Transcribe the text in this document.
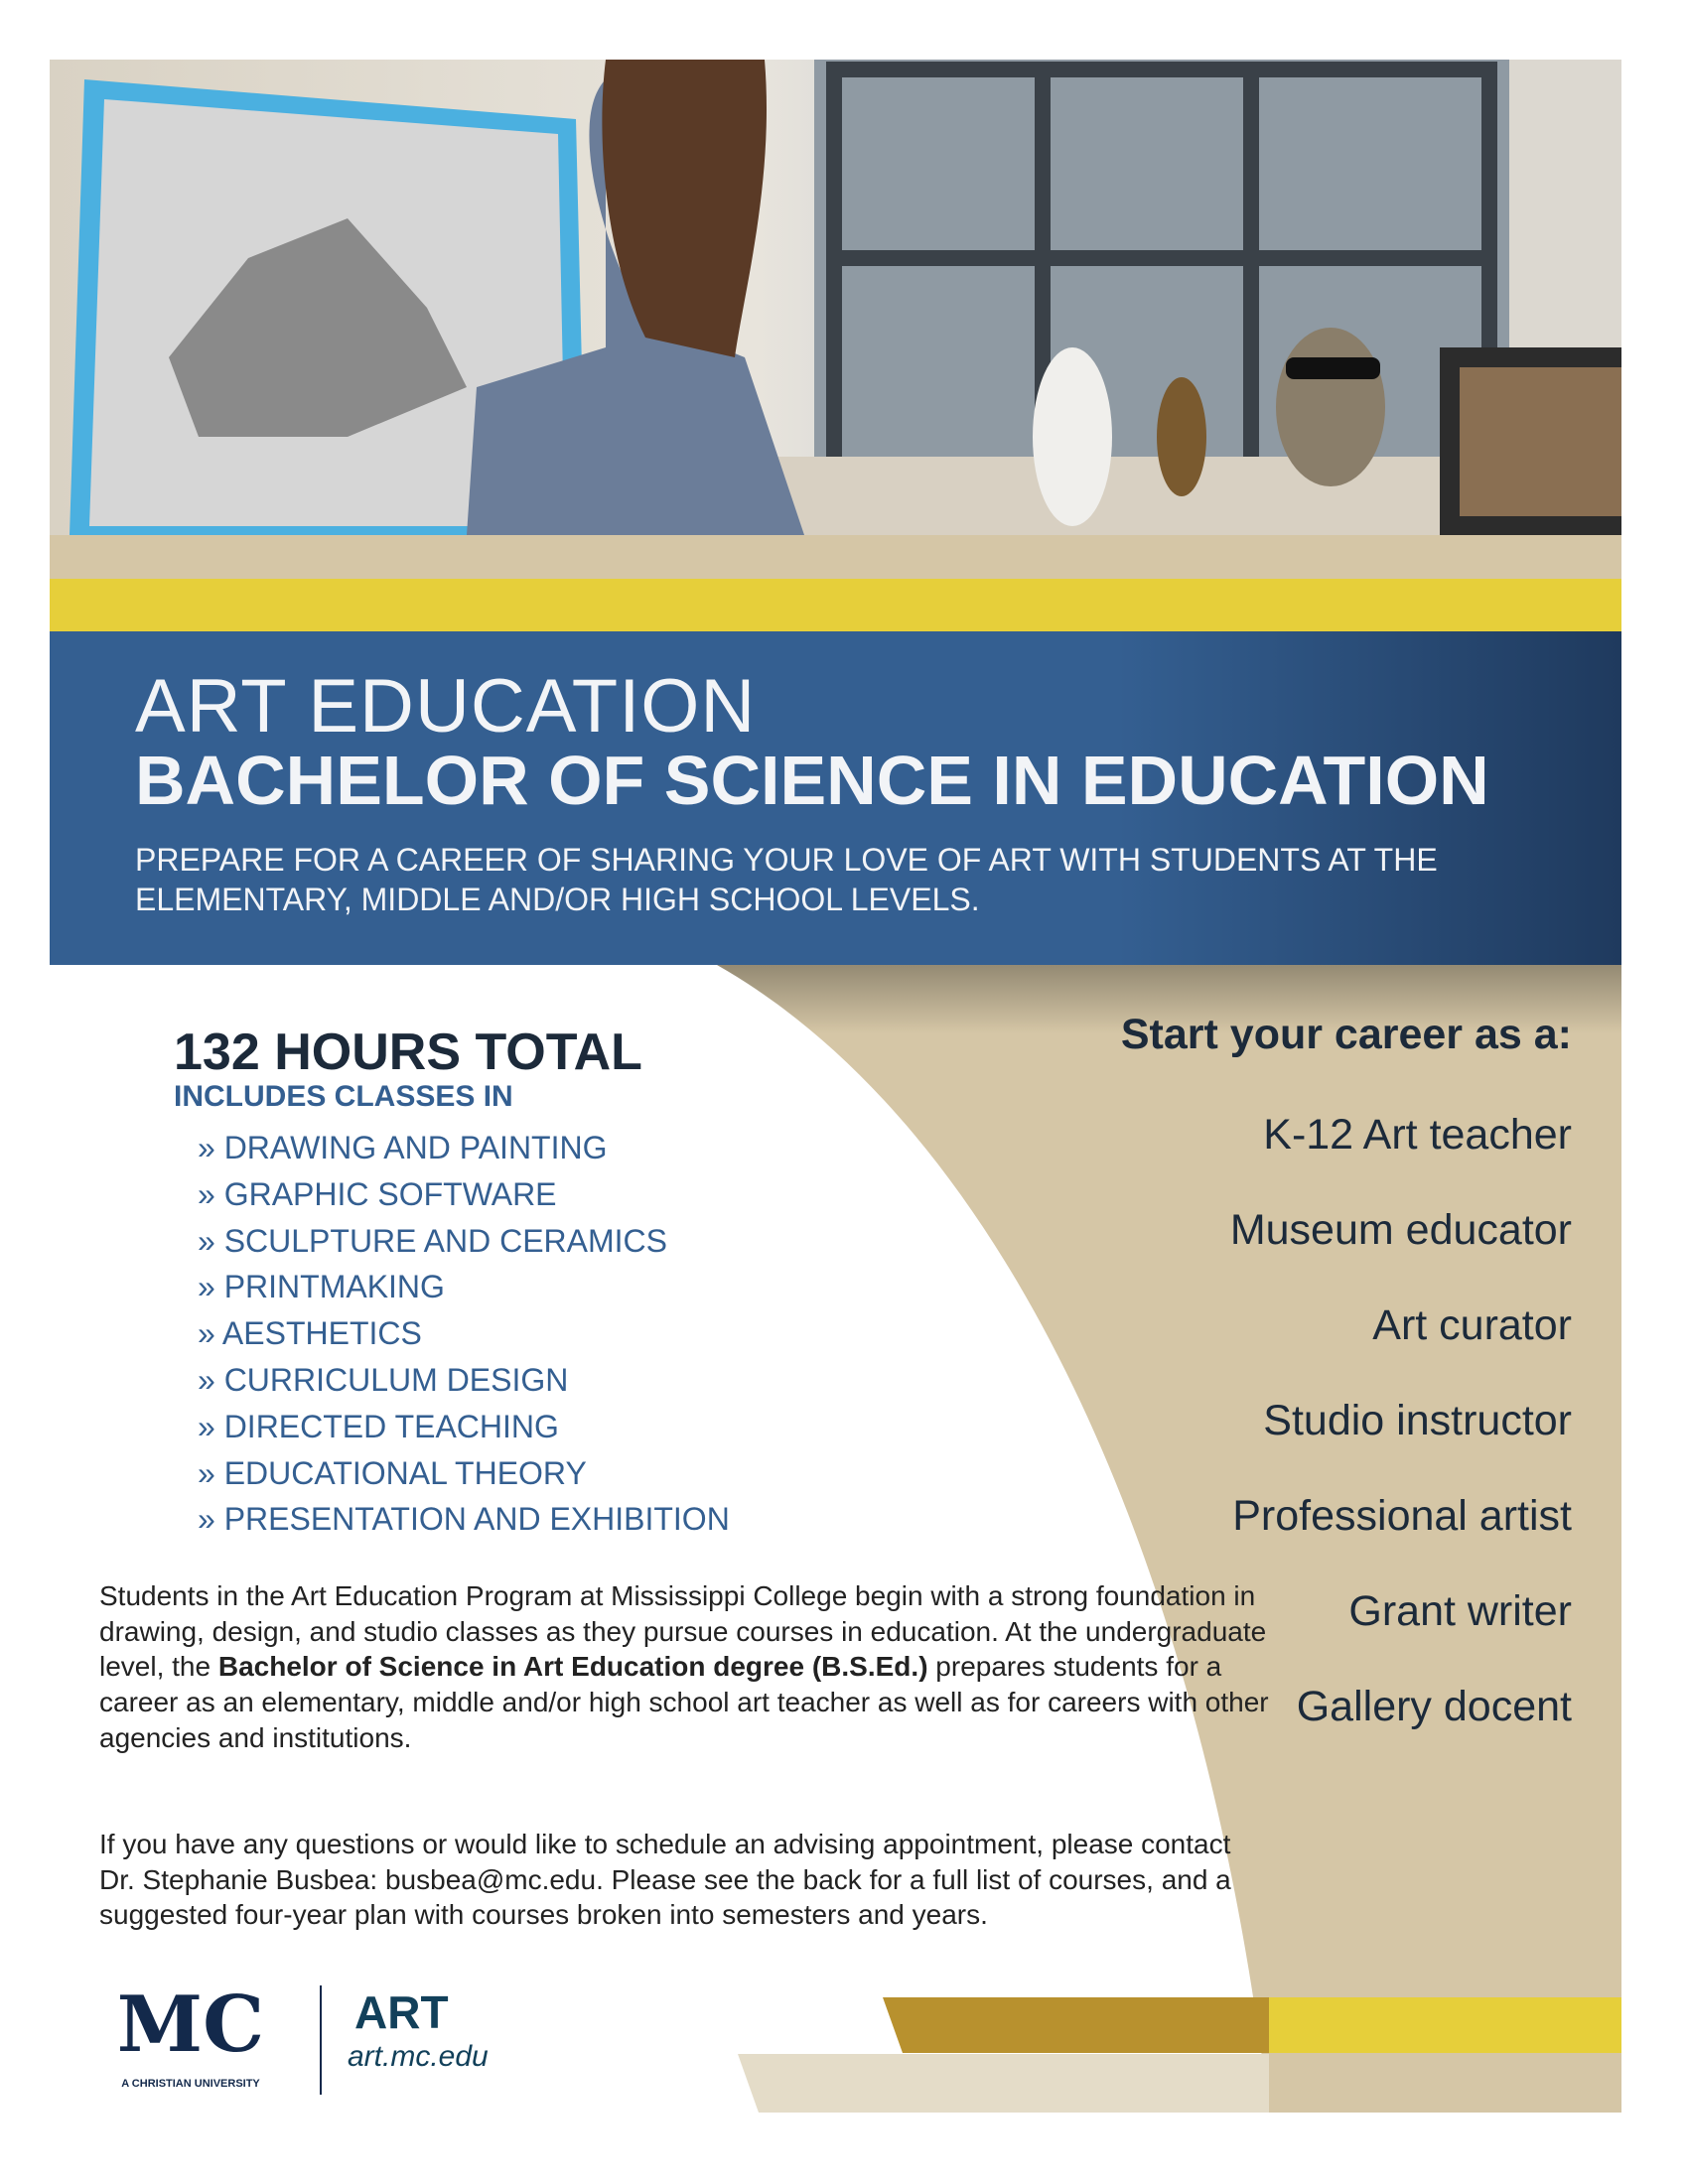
ART EDUCATION
BACHELOR OF SCIENCE IN EDUCATION
PREPARE FOR A CAREER OF SHARING YOUR LOVE OF ART WITH STUDENTS AT THE ELEMENTARY, MIDDLE AND/OR HIGH SCHOOL LEVELS.
132 HOURS TOTAL
INCLUDES CLASSES IN
» DRAWING AND PAINTING
» GRAPHIC SOFTWARE
» SCULPTURE AND CERAMICS
» PRINTMAKING
» AESTHETICS
» CURRICULUM DESIGN
» DIRECTED TEACHING
» EDUCATIONAL THEORY
» PRESENTATION AND EXHIBITION

Students in the Art Education Program at Mississippi College begin with a strong foundation in drawing, design, and studio classes as they pursue courses in education. At the undergraduate level, the Bachelor of Science in Art Education degree (B.S.Ed.) prepares students for a career as an elementary, middle and/or high school art teacher as well as for careers with other agencies and institutions.

If you have any questions or would like to schedule an advising appointment, please contact Dr. Stephanie Busbea: busbea@mc.edu. Please see the back for a full list of courses, and a suggested four-year plan with courses broken into semesters and years.

Start your career as a:
K-12 Art teacher
Museum educator
Art curator
Studio instructor
Professional artist
Grant writer
Gallery docent
MC
A CHRISTIAN UNIVERSITY
ART
art.mc.edu
